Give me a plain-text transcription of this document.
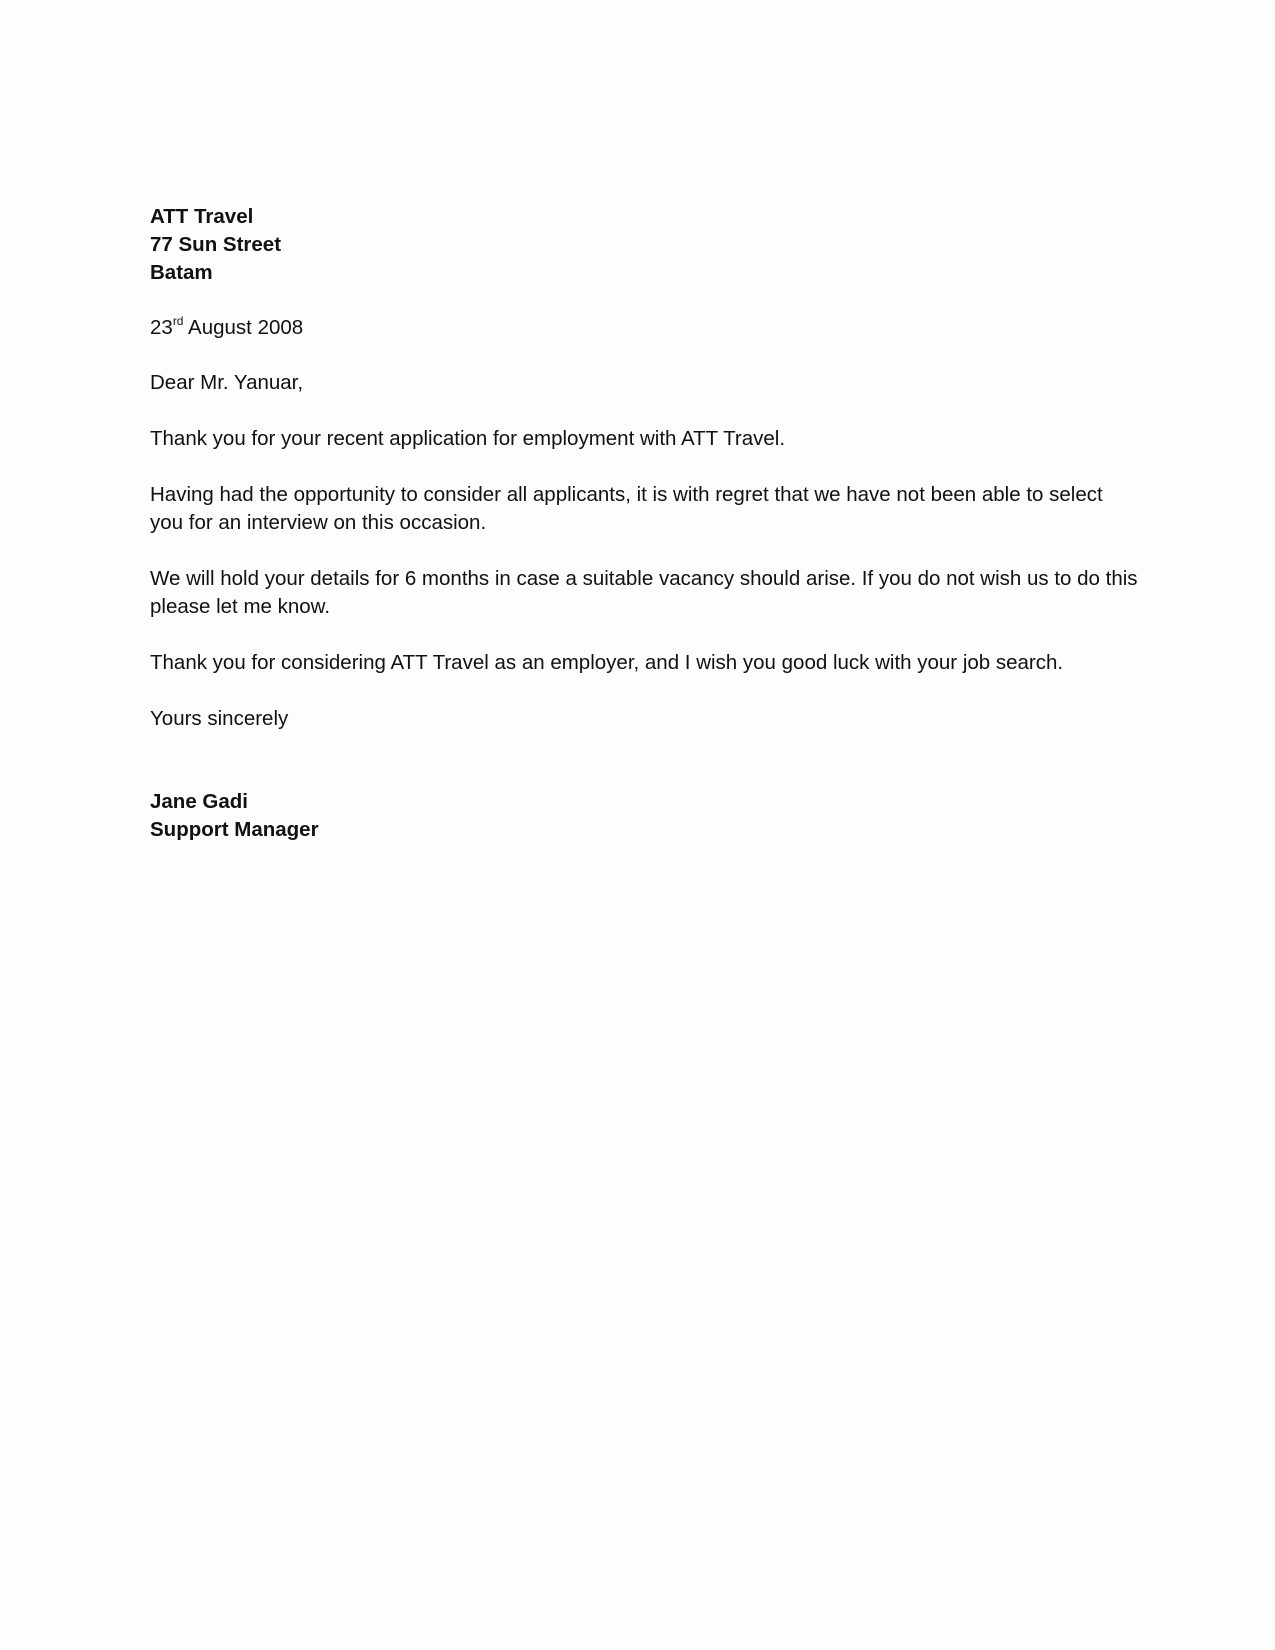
ATT Travel
77 Sun Street
Batam
23rd August 2008
Dear Mr. Yanuar,
Thank you for your recent application for employment with ATT Travel.
Having had the opportunity to consider all applicants, it is with regret that we have not been able to select you for an interview on this occasion.
We will hold your details for 6 months in case a suitable vacancy should arise. If you do not wish us to do this please let me know.
Thank you for considering ATT Travel as an employer, and I wish you good luck with your job search.
Yours sincerely
Jane Gadi
Support Manager
